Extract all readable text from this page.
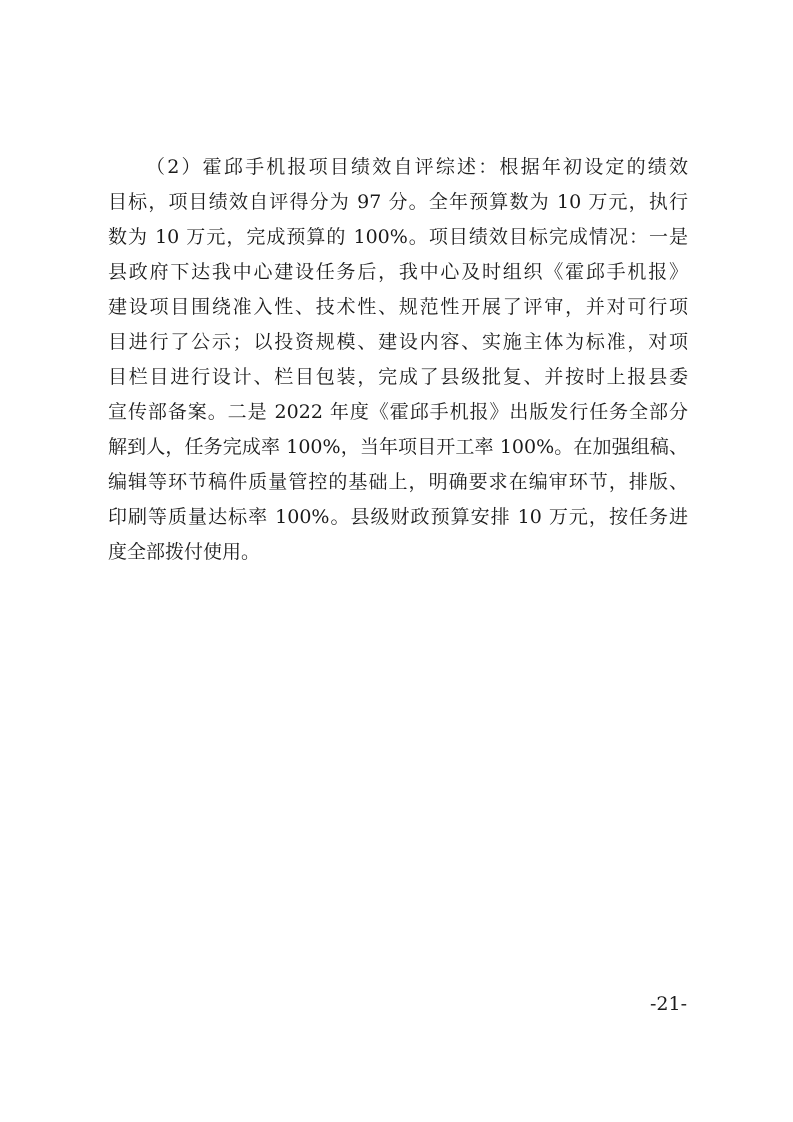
（2）霍邱手机报项目绩效自评综述：根据年初设定的绩效
目标，项目绩效自评得分为 97 分。全年预算数为 10 万元，执行
数为 10 万元，完成预算的 100%。项目绩效目标完成情况：一是
县政府下达我中心建设任务后，我中心及时组织《霍邱手机报》
建设项目围绕准入性、技术性、规范性开展了评审，并对可行项
目进行了公示；以投资规模、建设内容、实施主体为标准，对项
目栏目进行设计、栏目包装，完成了县级批复、并按时上报县委
宣传部备案。二是 2022 年度《霍邱手机报》出版发行任务全部分
解到人，任务完成率 100%，当年项目开工率 100%。在加强组稿、
编辑等环节稿件质量管控的基础上，明确要求在编审环节，排版、
印刷等质量达标率 100%。县级财政预算安排 10 万元，按任务进
度全部拨付使用。
-21-
